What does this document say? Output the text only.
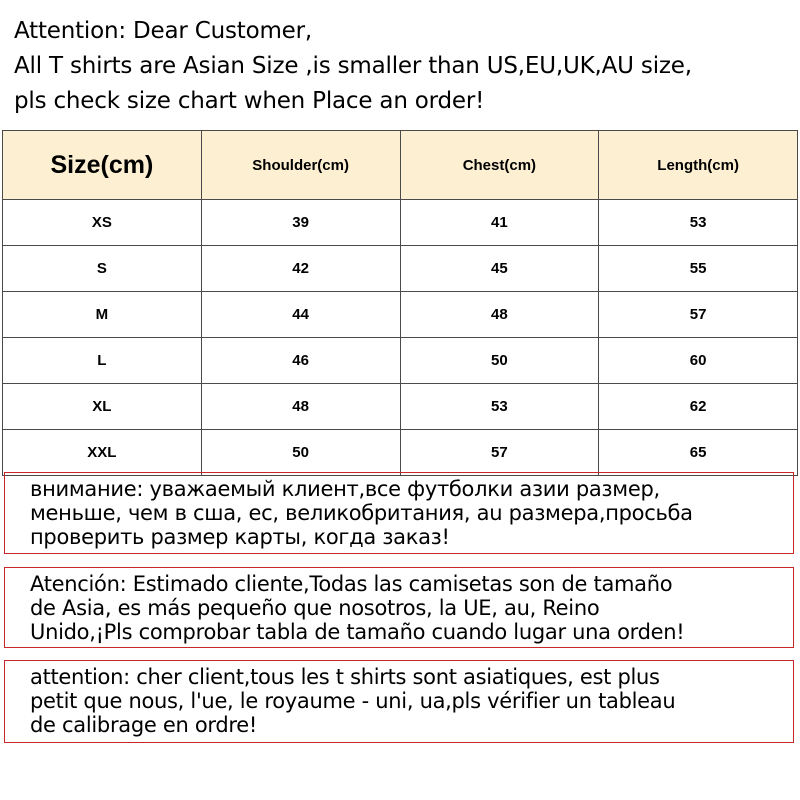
Attention: Dear Customer,
All T shirts are Asian Size ,is smaller than US,EU,UK,AU size,
pls check size chart when Place an order!
Size(cm)	Shoulder(cm)	Chest(cm)	Length(cm)
XS	39	41	53
S	42	45	55
M	44	48	57
L	46	50	60
XL	48	53	62
XXL	50	57	65
внимание: уважаемый клиент,все футболки азии размер,
меньше, чем в сша, ес, великобритания, au размера,просьба
проверить размер карты, когда заказ!
Atención: Estimado cliente,Todas las camisetas son de tamaño
de Asia, es más pequeño que nosotros, la UE, au, Reino
Unido,¡Pls comprobar tabla de tamaño cuando lugar una orden!
attention: cher client,tous les t shirts sont asiatiques, est plus
petit que nous, l'ue, le royaume - uni, ua,pls vérifier un tableau
de calibrage en ordre!
